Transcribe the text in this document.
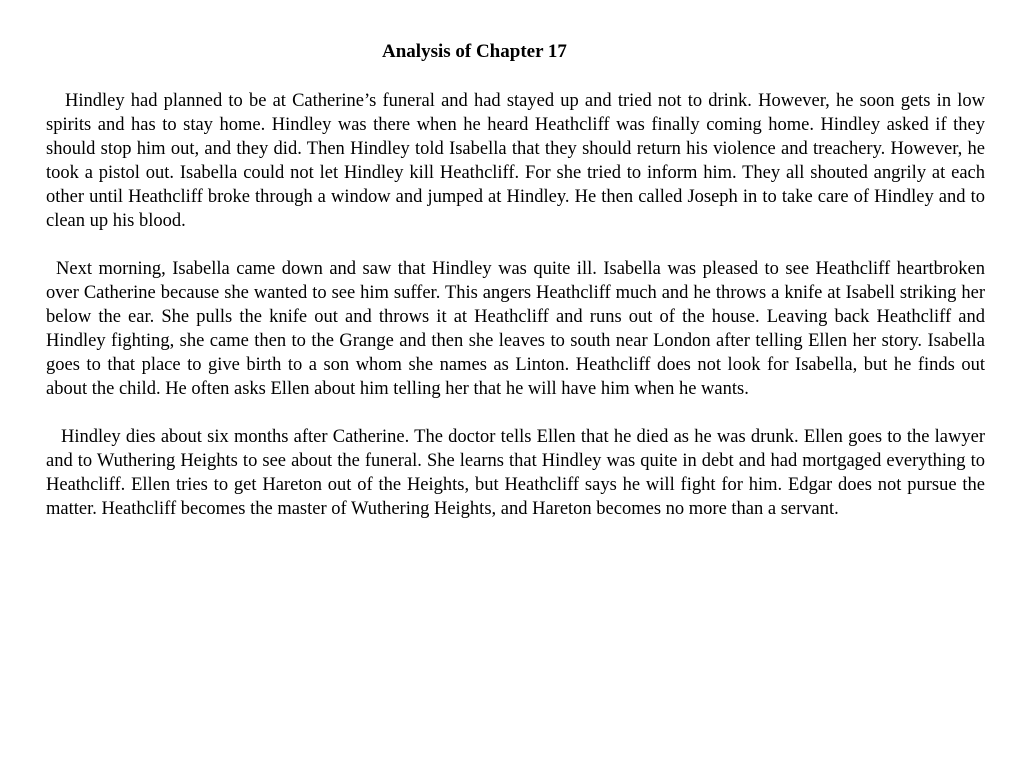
Analysis of Chapter 17

Hindley had planned to be at Catherine’s funeral and had stayed up and tried not to drink. However, he soon gets in low spirits and has to stay home. Hindley was there when he heard Heathcliff was finally coming home. Hindley asked if they should stop him out, and they did. Then Hindley told Isabella that they should return his violence and treachery. However, he took a pistol out. Isabella could not let Hindley kill Heathcliff. For she tried to inform him. They all shouted angrily at each other until Heathcliff broke through a window and jumped at Hindley. He then called Joseph in to take care of Hindley and to clean up his blood.

Next morning, Isabella came down and saw that Hindley was quite ill. Isabella was pleased to see Heathcliff heartbroken over Catherine because she wanted to see him suffer. This angers Heathcliff much and he throws a knife at Isabell striking her below the ear. She pulls the knife out and throws it at Heathcliff and runs out of the house. Leaving back Heathcliff and Hindley fighting, she came then to the Grange and then she leaves to south near London after telling Ellen her story. Isabella goes to that place to give birth to a son whom she names as Linton. Heathcliff does not look for Isabella, but he finds out about the child. He often asks Ellen about him telling her that he will have him when he wants.

Hindley dies about six months after Catherine. The doctor tells Ellen that he died as he was drunk. Ellen goes to the lawyer and to Wuthering Heights to see about the funeral. She learns that Hindley was quite in debt and had mortgaged everything to Heathcliff. Ellen tries to get Hareton out of the Heights, but Heathcliff says he will fight for him. Edgar does not pursue the matter. Heathcliff becomes the master of Wuthering Heights, and Hareton becomes no more than a servant.
